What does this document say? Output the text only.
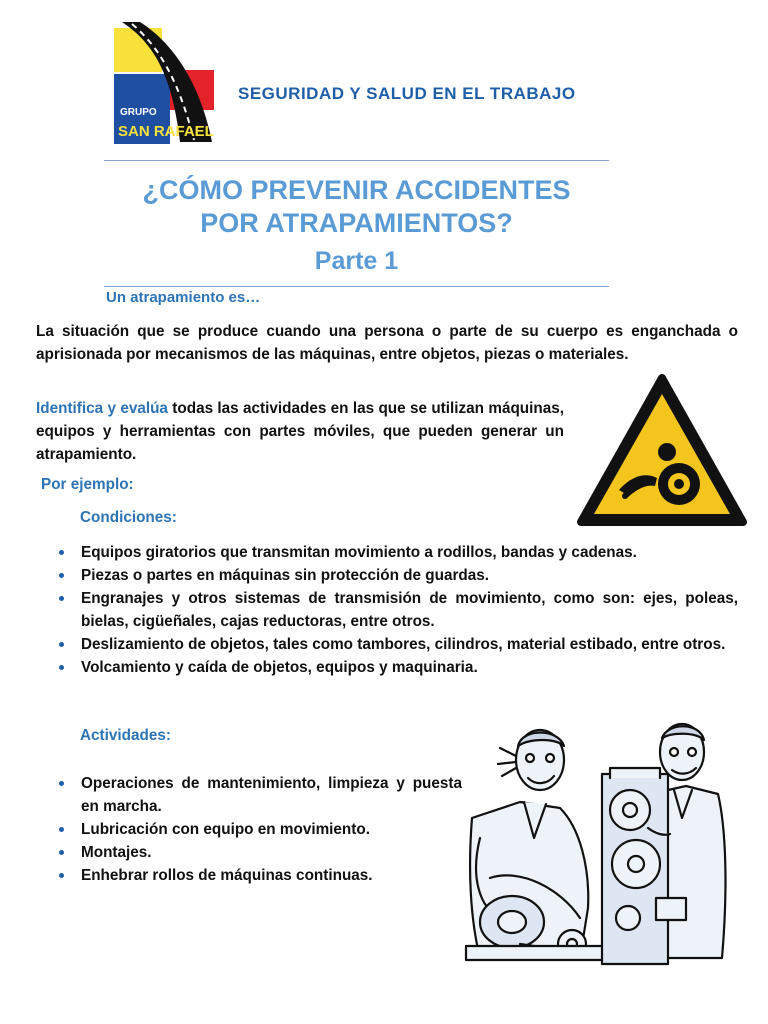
GRUPO
SAN RAFAEL
SEGURIDAD Y SALUD EN EL TRABAJO
¿CÓMO PREVENIR ACCIDENTES
POR ATRAPAMIENTOS?
Parte 1
Un atrapamiento es…
La situación que se produce cuando una persona o parte de su cuerpo es enganchada o aprisionada por mecanismos de las máquinas, entre objetos, piezas o materiales.
Identifica y evalúa todas las actividades en las que se utilizan máquinas, equipos y herramientas con partes móviles, que pueden generar un atrapamiento.
Por ejemplo:
Condiciones:
Equipos giratorios que transmitan movimiento a rodillos, bandas y cadenas.
Piezas o partes en máquinas sin protección de guardas.
Engranajes y otros sistemas de transmisión de movimiento, como son: ejes, poleas, bielas, cigüeñales, cajas reductoras, entre otros.
Deslizamiento de objetos, tales como tambores, cilindros, material estibado, entre otros.
Volcamiento y caída de objetos, equipos y maquinaria.
Actividades:
Operaciones de mantenimiento, limpieza y puesta en marcha.
Lubricación con equipo en movimiento.
Montajes.
Enhebrar rollos de máquinas continuas.
